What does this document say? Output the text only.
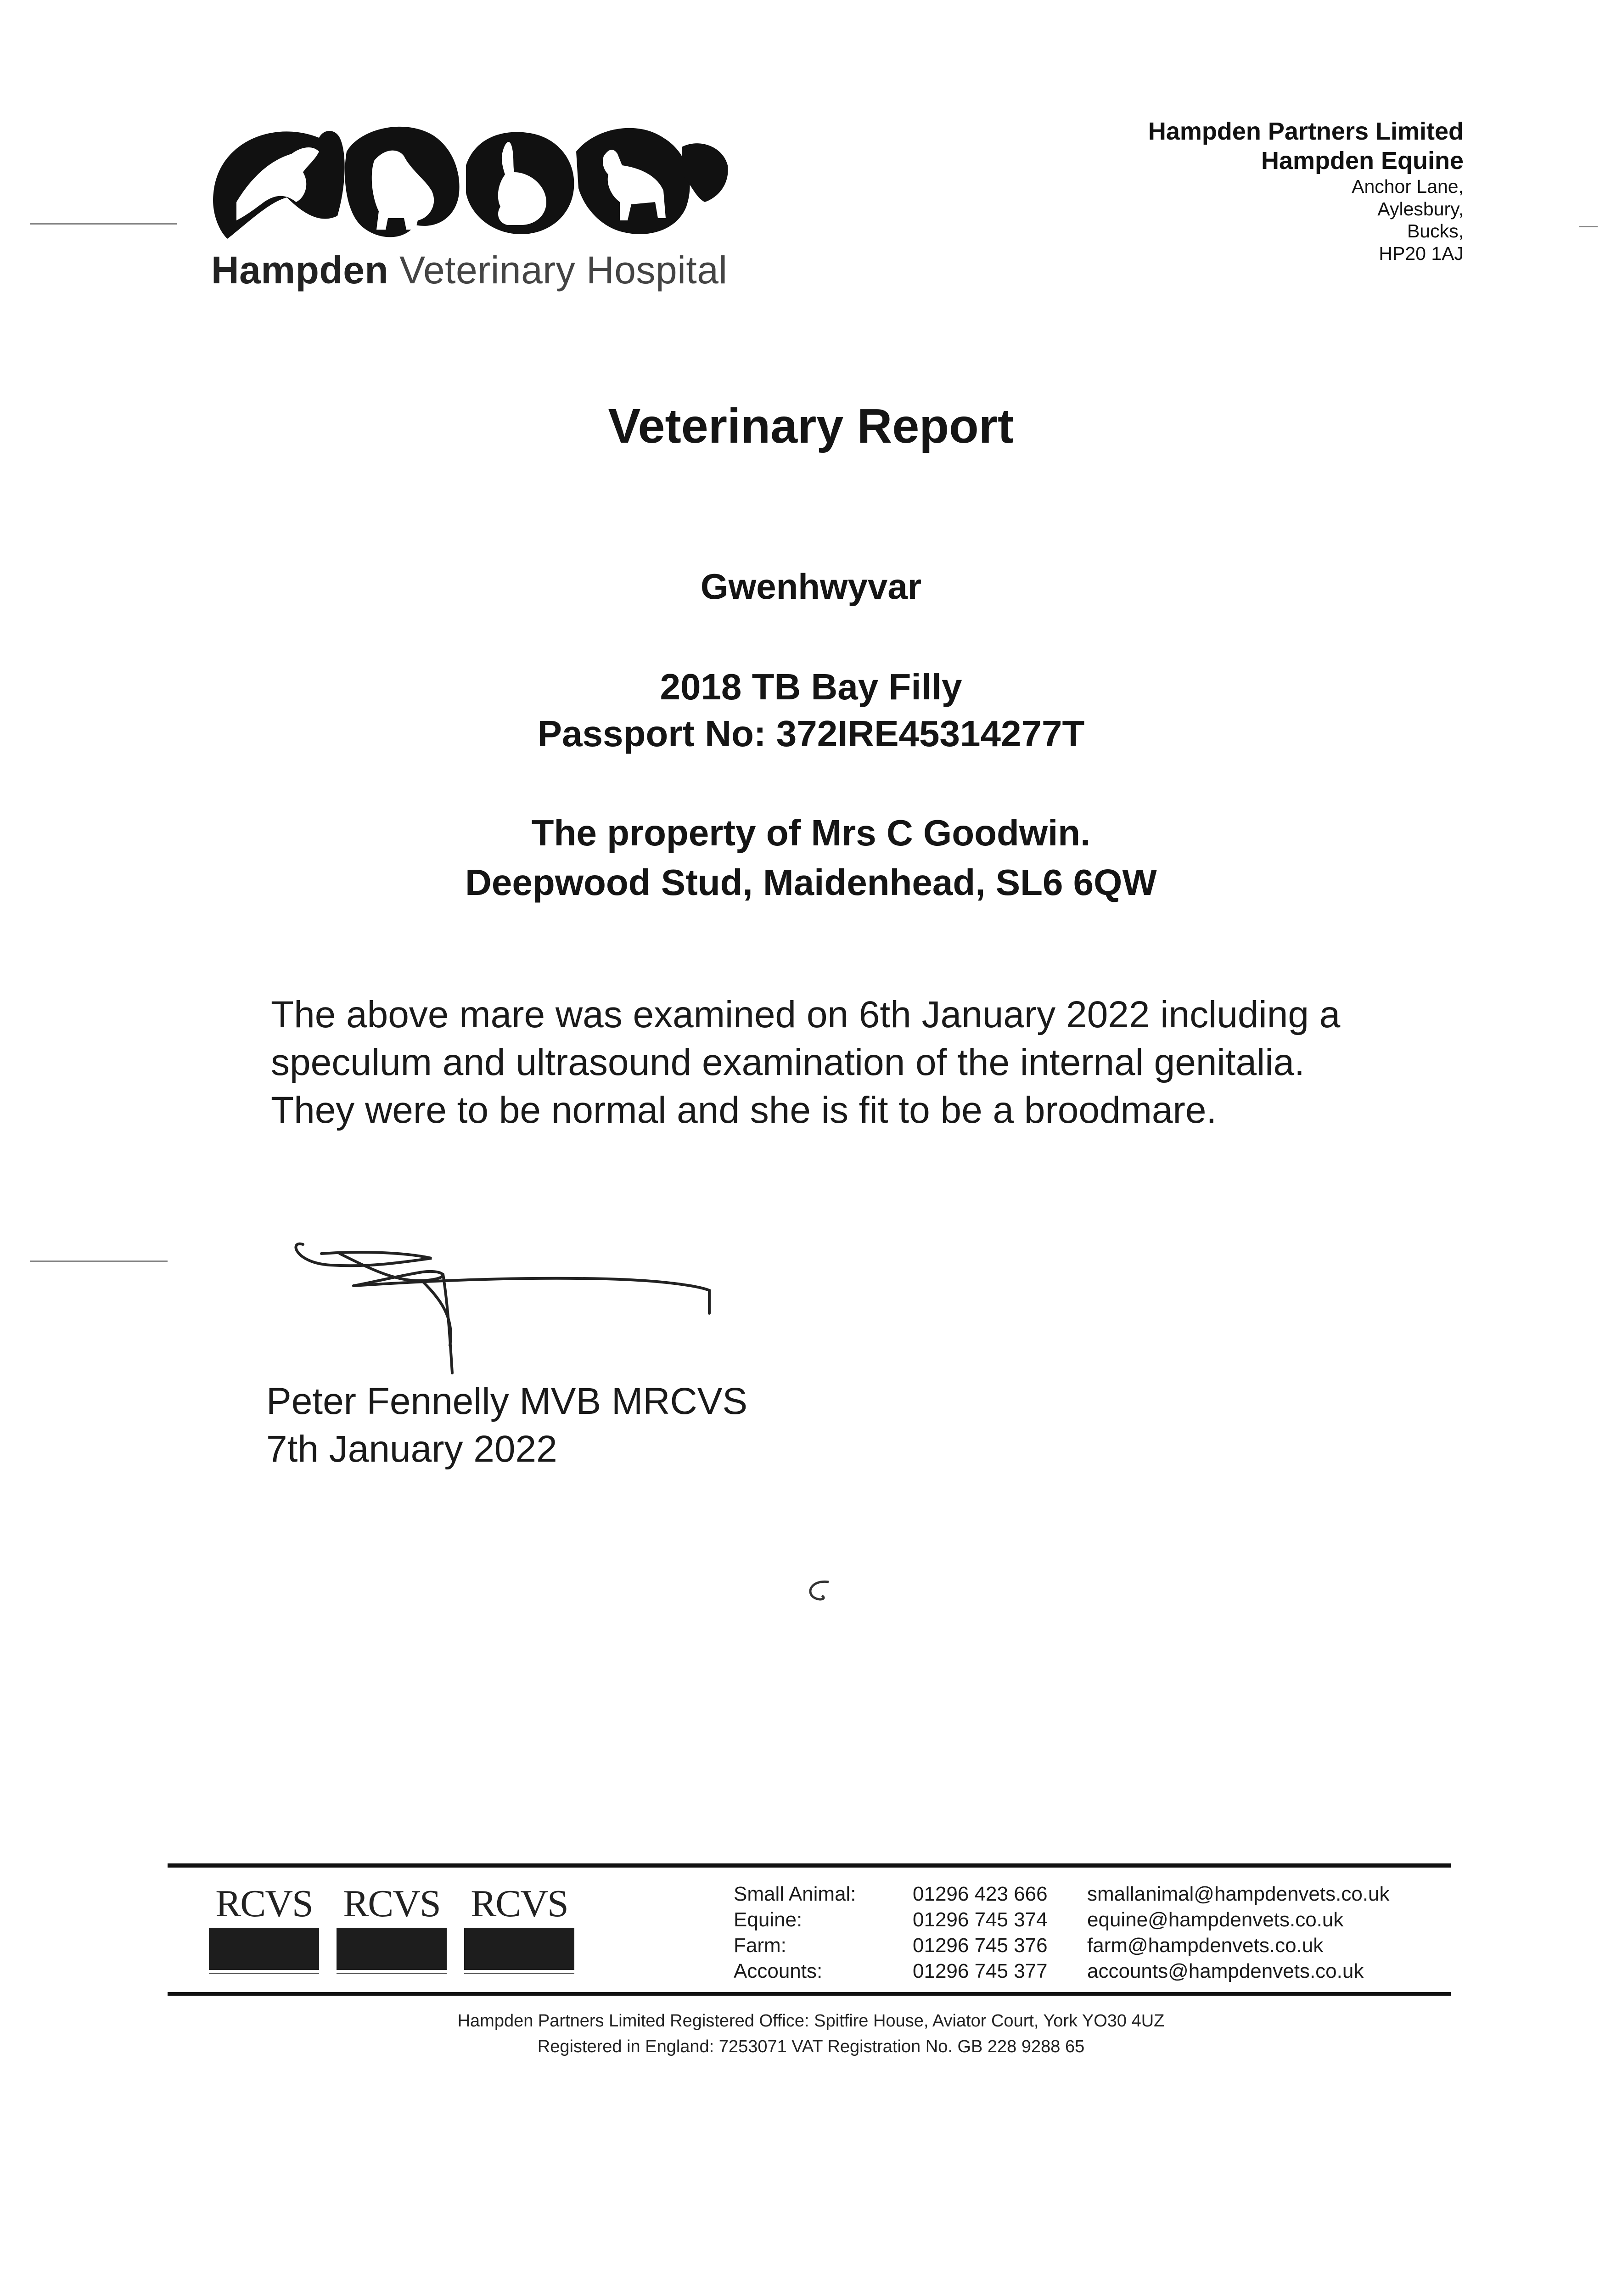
Hampden Veterinary Hospital
Hampden Partners Limited
Hampden Equine
Anchor Lane,
Aylesbury,
Bucks,
HP20 1AJ
Veterinary Report
Gwenhwyvar
2018 TB Bay Filly
Passport No: 372IRE45314277T
The property of Mrs C Goodwin.
Deepwood Stud, Maidenhead, SL6 6QW
The above mare was examined on 6th January 2022 including a
speculum and ultrasound examination of the internal genitalia.
They were to be normal and she is fit to be a broodmare.
Peter Fennelly MVB MRCVS
7th January 2022
RCVS RCVS RCVS	Small Animal:	01296 423 666	smallanimal@hampdenvets.co.uk
Equine:	01296 745 374	equine@hampdenvets.co.uk
Farm:	01296 745 376	farm@hampdenvets.co.uk
Accounts:	01296 745 377	accounts@hampdenvets.co.uk
Hampden Partners Limited Registered Office: Spitfire House, Aviator Court, York YO30 4UZ
Registered in England: 7253071 VAT Registration No. GB 228 9288 65
